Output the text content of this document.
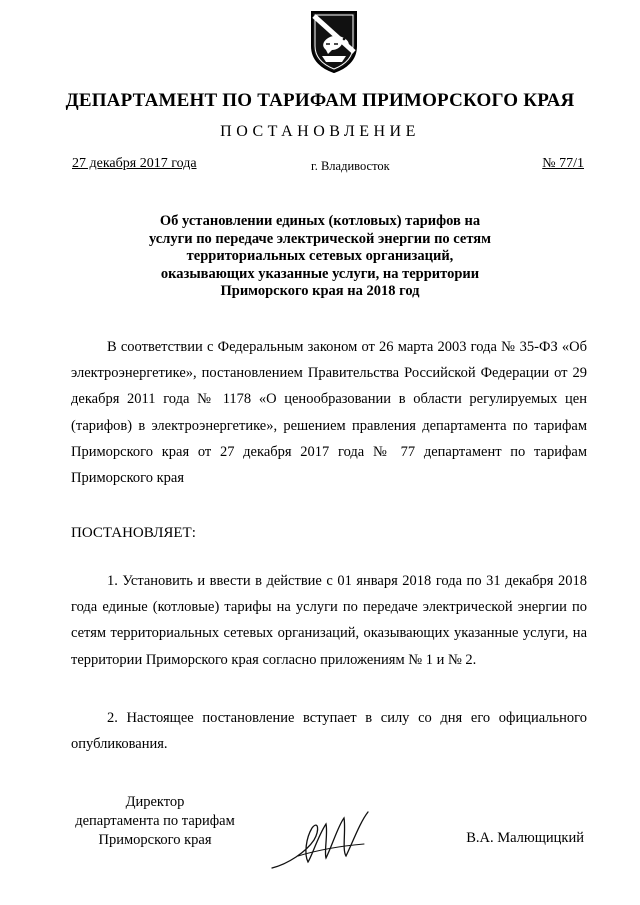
ДЕПАРТАМЕНТ ПО ТАРИФАМ ПРИМОРСКОГО КРАЯ
ПОСТАНОВЛЕНИЕ
27 декабря 2017 года	г. Владивосток	№ 77/1
Об установлении единых (котловых) тарифов на
услуги по передаче электрической энергии по сетям
территориальных сетевых организаций,
оказывающих указанные услуги, на территории
Приморского края на 2018 год
В соответствии с Федеральным законом от 26 марта 2003 года № 35-ФЗ «Об электроэнергетике», постановлением Правительства Российской Федерации от 29 декабря 2011 года № 1178 «О ценообразовании в области регулируемых цен (тарифов) в электроэнергетике», решением правления департамента по тарифам Приморского края от 27 декабря 2017 года № 77 департамент по тарифам Приморского края
ПОСТАНОВЛЯЕТ:
1. Установить и ввести в действие с 01 января 2018 года по 31 декабря 2018 года единые (котловые) тарифы на услуги по передаче электрической энергии по сетям территориальных сетевых организаций, оказывающих указанные услуги, на территории Приморского края согласно приложениям № 1 и № 2.
2. Настоящее постановление вступает в силу со дня его официального опубликования.
Директор
департамента по тарифам
Приморского края	В.А. Малющицкий
